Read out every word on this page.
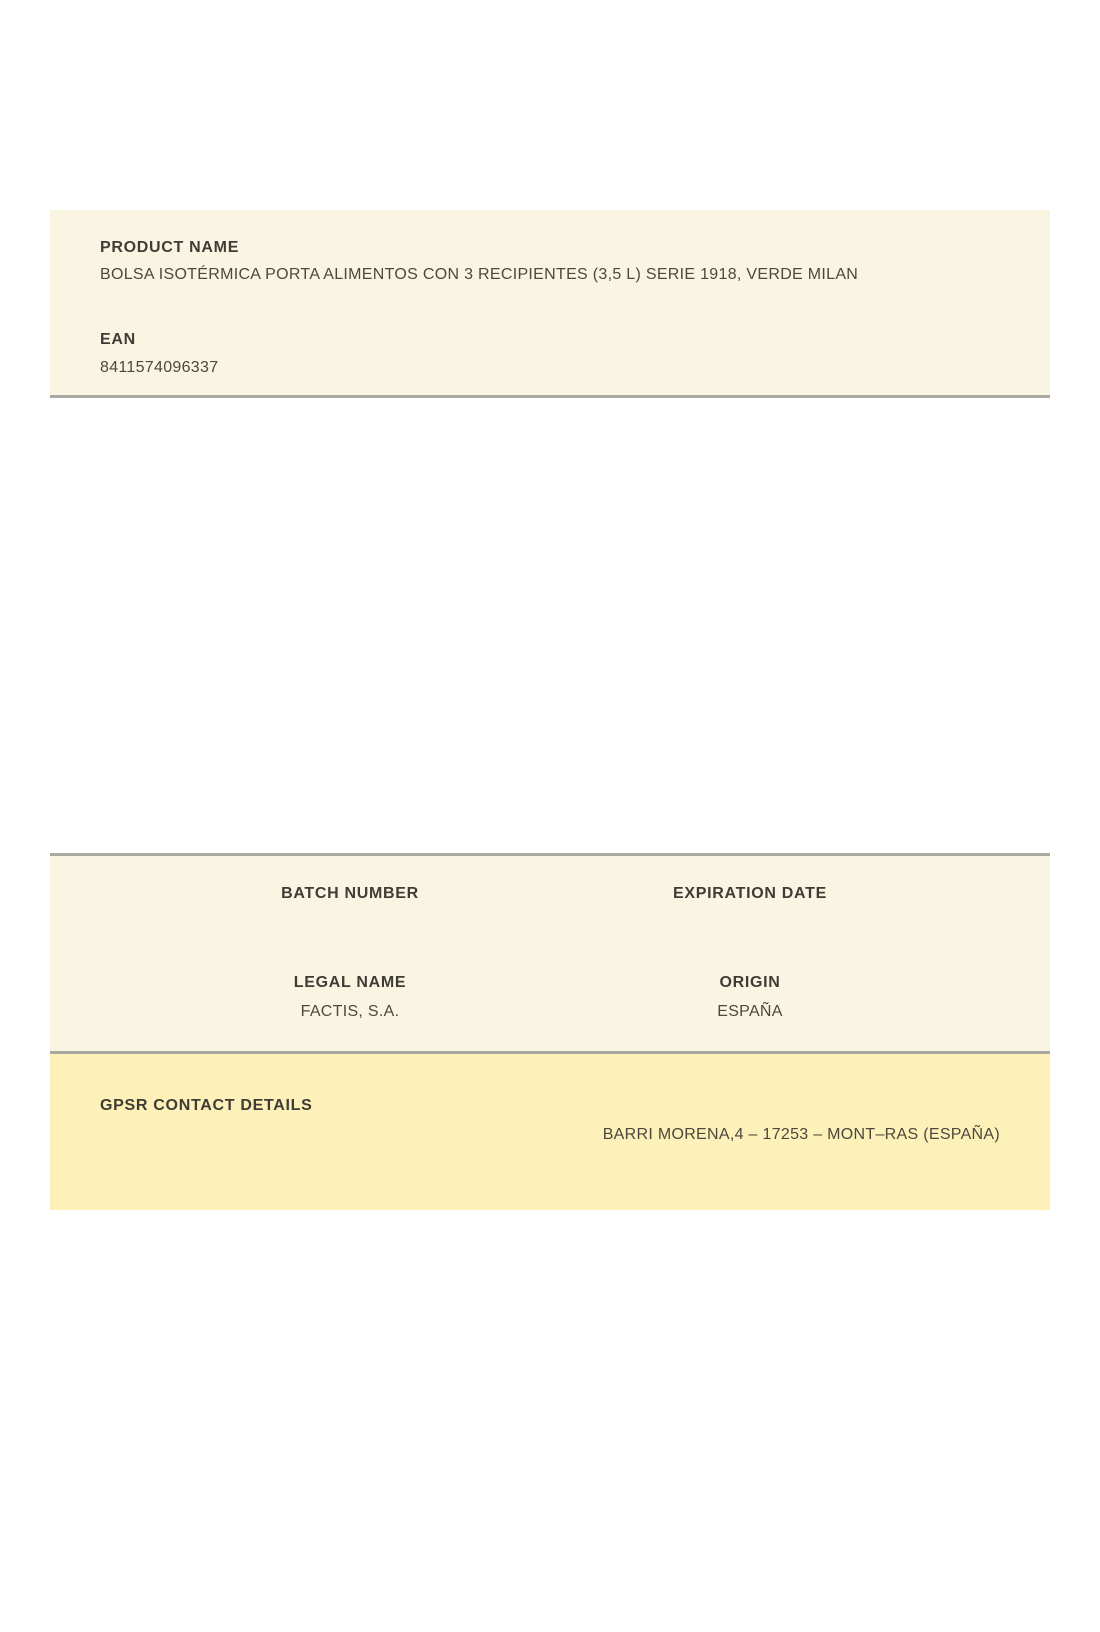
PRODUCT NAME
BOLSA ISOTÉRMICA PORTA ALIMENTOS CON 3 RECIPIENTES (3,5 L) SERIE 1918, VERDE MILAN
EAN
8411574096337
BATCH NUMBER	EXPIRATION DATE
LEGAL NAME
FACTIS, S.A.
ORIGIN
ESPAÑA
GPSR CONTACT DETAILS
BARRI MORENA,4 – 17253 – MONT–RAS (ESPAÑA)
